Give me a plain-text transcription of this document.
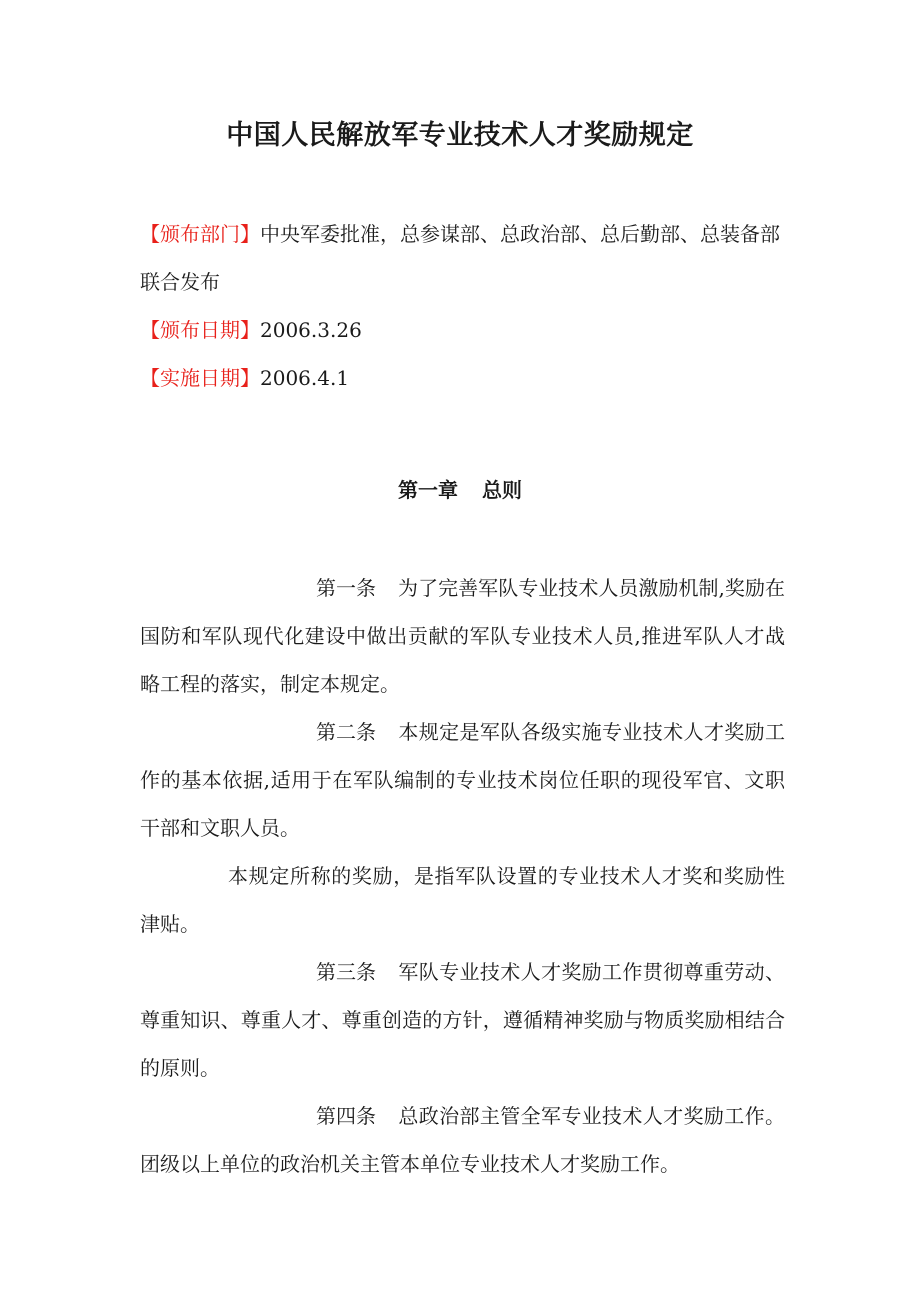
中国人民解放军专业技术人才奖励规定
【颁布部门】中央军委批准，总参谋部、总政治部、总后勤部、总装备部联合发布
【颁布日期】2006.3.26
【实施日期】2006.4.1
第一章 总则

第一条 为了完善军队专业技术人员激励机制,奖励在国防和军队现代化建设中做出贡献的军队专业技术人员,推进军队人才战略工程的落实，制定本规定。

第二条 本规定是军队各级实施专业技术人才奖励工作的基本依据,适用于在军队编制的专业技术岗位任职的现役军官、文职干部和文职人员。

本规定所称的奖励，是指军队设置的专业技术人才奖和奖励性津贴。

第三条 军队专业技术人才奖励工作贯彻尊重劳动、尊重知识、尊重人才、尊重创造的方针，遵循精神奖励与物质奖励相结合的原则。

第四条 总政治部主管全军专业技术人才奖励工作。团级以上单位的政治机关主管本单位专业技术人才奖励工作。
